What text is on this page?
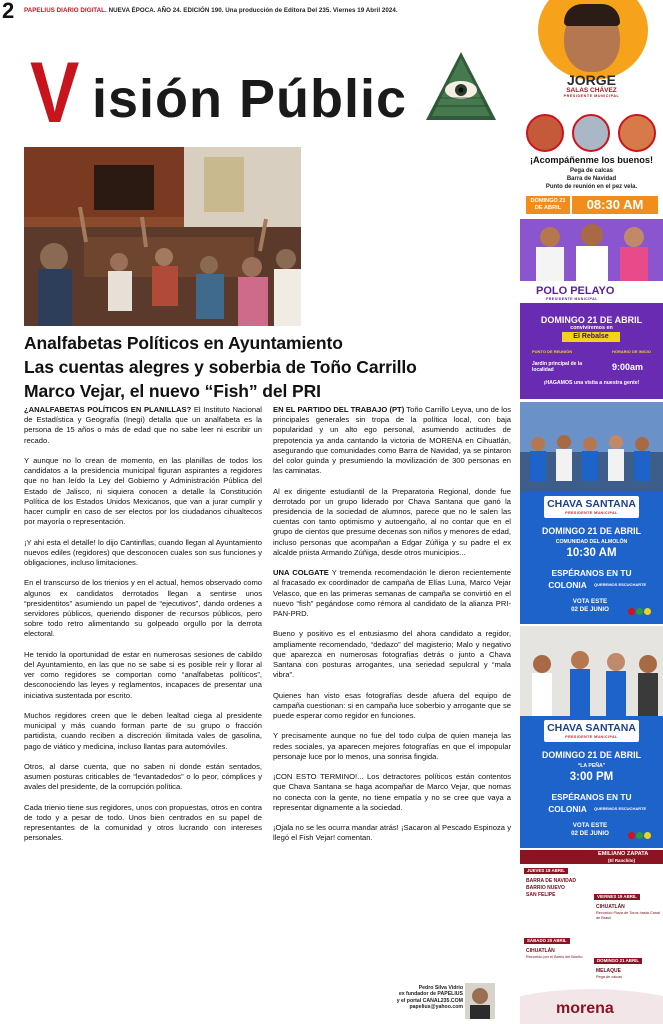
2 PAPELIUS DIARIO DIGITAL. NUEVA ÉPOCA. AÑO 24. EDICIÓN 190. Una producción de Editora Del 235. Viernes 19 Abril 2024.
V isión Públic
Analfabetas Políticos en Ayuntamiento
Las cuentas alegres y soberbia de Toño Carrillo
Marco Vejar, el nuevo “Fish” del PRI

¿ANALFABETAS POLÍTICOS EN PLANILLAS? El Instituto Nacional de Estadística y Geografía (Inegi) detalla que un analfabeta es la persona de 15 años o más de edad que no sabe leer ni escribir un recado.

Y aunque no lo crean de momento, en las planillas de todos los candidatos a la presidencia municipal figuran aspirantes a regidores que no han leído la Ley del Gobierno y Administración Pública del Estado de Jalisco, ni siquiera conocen a detalle la Constitución Política de los Estados Unidos Mexicanos, que van a jurar cumplir y hacer cumplir en caso de ser electos por los ciudadanos cihualtecos por mayoría o representación.

¡Y ahí esta el detalle! lo dijo Cantinflas, cuando llegan al Ayuntamiento nuevos ediles (regidores) que desconocen cuales son sus funciones y obligaciones, incluso limitaciones.

En el transcurso de los trienios y en el actual, hemos observado como algunos ex candidatos derrotados llegan a sentirse unos “presidentitos” asumiendo un papel de “ejecutivos”, dando ordenes a servidores públicos, queriendo disponer de recursos públicos, pero sobre todo retro alimentando su golpeado orgullo por la derrota electoral.

He tenido la oportunidad de estar en numerosas sesiones de cabildo del Ayuntamiento, en las que no se sabe si es posible reír y llorar al ver como regidores se comportan como “analfabetas políticos”, desconociendo las leyes y reglamentos, incapaces de presentar una iniciativa sustentada por escrito.

Muchos regidores creen que le deben lealtad ciega al presidente municipal y más cuando forman parte de su grupo o fracción partidista, cuando reciben a discreción ilimitada vales de gasolina, pago de viático y medicina, incluso llantas para automóviles.

Otros, al darse cuenta, que no saben ni donde están sentados, asumen posturas criticables de “levantadedos” o lo peor, cómplices y avales del presidente, de la corrupción política.

Cada trienio tiene sus regidores, unos con propuestas, otros en contra de todo y a pesar de todo. Unos bien centrados en su papel de representantes de la comunidad y otros lucrando con intereses personales.

EN EL PARTIDO DEL TRABAJO (PT) Toño Carrillo Leyva, uno de los principales generales sin tropa de la política local, con baja popularidad y un alto ego personal, asumiendo actitudes de prepotencia ya anda cantando la victoria de MORENA en Cihuatlán, asegurando que comunidades como Barra de Navidad, ya se pintaron del color guinda y presumiendo la movilización de 300 personas en las caminatas.

Al ex dirigente estudiantil de la Preparatoria Regional, donde fue derrotado por un grupo liderado por Chava Santana que ganó la presidencia de la sociedad de alumnos, parece que no le salen las cuentas con tanto optimismo y autoengaño, al no contar que en el grupo de cientos que presume decenas son niños y menores de edad, incluso personas que acompañan a Edgar Zúñiga y su padre el ex alcalde priista Armando Zúñiga, desde otros municipios...

UNA COLGATE Y tremenda recomendación le dieron recientemente al fracasado ex coordinador de campaña de Elías Luna, Marco Vejar Velasco, que en las primeras semanas de campaña se convirtió en el nuevo “fish” pegándose como rémora al candidato de la alianza PRI-PAN-PRD.

Bueno y positivo es el entusiasmo del ahora candidato a regidor, ampliamente recomendado, “dedazo” del magisterio; Malo y negativo que aparezca en numerosas fotografías detrás o junto a Chava Santana con posturas arrogantes, una seriedad sepulcral y “mala vibra”.

Quienes han visto esas fotografías desde afuera del equipo de campaña cuestionan: si en campaña luce soberbio y arrogante que se puede esperar como regidor en funciones.

Y precisamente aunque no fue del todo culpa de quien maneja las redes sociales, ya aparecen mejores fotografías en que el impopular personaje luce por lo menos, una sonrisa fingida.

¡CON ESTO TERMINO!... Los detractores políticos están contentos que Chava Santana se haga acompañar de Marco Vejar, que nomas no conecta con la gente, no tiene empatía y no se cree que vaya a representar dignamente a la sociedad.

¡Ojala no se les ocurra mandar atrás! ¡Sacaron al Pescado Espinoza y llegó el Fish Vejar! comentan.

Pedro Silva Vidrio
ex fundador de PAPELIUS
y el portal CANAL235.COM
papelius@yahoo.com
JORGE
SALAS CHÁVEZ
PRESIDENTE MUNICIPAL
¡Acompáñenme los buenos!
Pega de calcas
Barra de Navidad
Punto de reunión en el pez vela.
DOMINGO 21 DE ABRIL	08:30 AM
POLO PELAYO
PRESIDENTE MUNICIPAL
DOMINGO 21 DE ABRIL
conviviremos en
El Rebalse
PUNTO DE REUNIÓN
Jardín principal de la localidad
HORARIO DE INICIO
9:00am
¡HAGAMOS una visita a nuestra gente!
CHAVA SANTANA
PRESIDENTE MUNICIPAL
DOMINGO 21 DE ABRIL
COMUNIDAD DEL ALMOLÓN
10:30 AM
ESPÉRANOS EN TU
COLONIA	QUEREMOS ESCUCHARTE
VOTA ESTE
02 DE JUNIO
CHAVA SANTANA
PRESIDENTE MUNICIPAL
DOMINGO 21 DE ABRIL
“LA PEÑA”
3:00 PM
ESPÉRANOS EN TU
COLONIA	QUEREMOS ESCUCHARTE
VOTA ESTE
02 DE JUNIO
EMILIANO ZAPATA
(El Ranchito)
JUEVES 18 ABRIL
BARRA DE NAVIDAD
BARRIO NUEVO
SAN FELIPE	VIERNES 19 ABRIL
CIHUATLÁN
Recorrido Plaza de Toros hasta Canal de Brasil
SÁBADO 20 ABRIL
CIHUATLÁN
Recorrido por el Barrio del Borrito
DOMINGO 21 ABRIL
MELAQUE
Pega de calcas
morena
